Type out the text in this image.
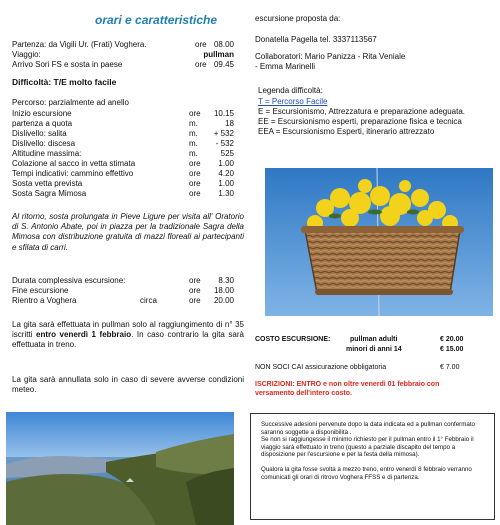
orari e caratteristiche
Partenza: da Vigili Ur. (Frati) Voghera.	ore 08.00
Viaggio:	pullman
Arrivo Sori FS e sosta in paese	ore 09.45
Difficoltà: T/E molto facile
Percorso: parzialmente ad anello
Inizio escursione	ore	10.15
partenza a quota	m.	18
Dislivello: salita	m.	+ 532
Dislivello: discesa	m.	- 532
Altitudine massima:	m.	525
Colazione al sacco in vetta stimata	ore	1.00
Tempi indicativi: cammino effettivo	ore	4.20
Sosta vetta prevista	ore	1.00
Sosta Sagra Mimosa	ore	1.30
Al ritorno, sosta prolungata in Pieve Ligure per visita all' Oratorio di S. Antonio Abate, poi in piazza per la tradizionale Sagra della Mimosa con distribuzione gratuita di mazzi floreali ai partecipanti e sfilata di carri.
Durata complessiva escursione:	ore	8.30
Fine escursione	ore	18.00
Rientro a Voghera	circa	ore	20.00
La gita sarà effettuata in pullman solo al raggiungimento di n° 35 iscritti entro venerdì 1 febbraio. In caso contrario la gita sarà effettuata in treno.
La gita sarà annullata solo in caso di severe avverse condizioni meteo.
escursione proposta da:
Donatella Pagella tel. 3337113567
Collaboratori: Mario Panizza - Rita Veniale
- Emma Marinelli
Legenda difficoltà:
T = Percorso Facile
E = Escursionismo, Attrezzatura e preparazione adeguata.
EE = Escursionismo esperti, preparazione fisica e tecnica
EEA = Escursionismo Esperti, itinerario attrezzato
COSTO ESCURSIONE:	pullman adulti	€ 20.00
minori di anni 14	€ 15.00
NON SOCI CAI assicurazione obbligatoria	€ 7.00
ISCRIZIONI: ENTRO e non oltre venerdì 01 febbraio con
versamento dell'intero costo.
Successive adesioni pervenute dopo la data indicata ed a pullman confermato saranno soggette a disponibilità .
Se non si raggiungesse il minimo richiesto per il pullman entro il 1° Febbraio il viaggio sarà effettuato in treno (questo a parziale discapito del tempo a disposizione per l'escursione e per la festa della mimosa).
Qualora la gita fosse svolta a mezzo treno, entro venerdì 8 febbraio verranno comunicati gli orari di ritrovo Voghera FFSS e di partenza.
